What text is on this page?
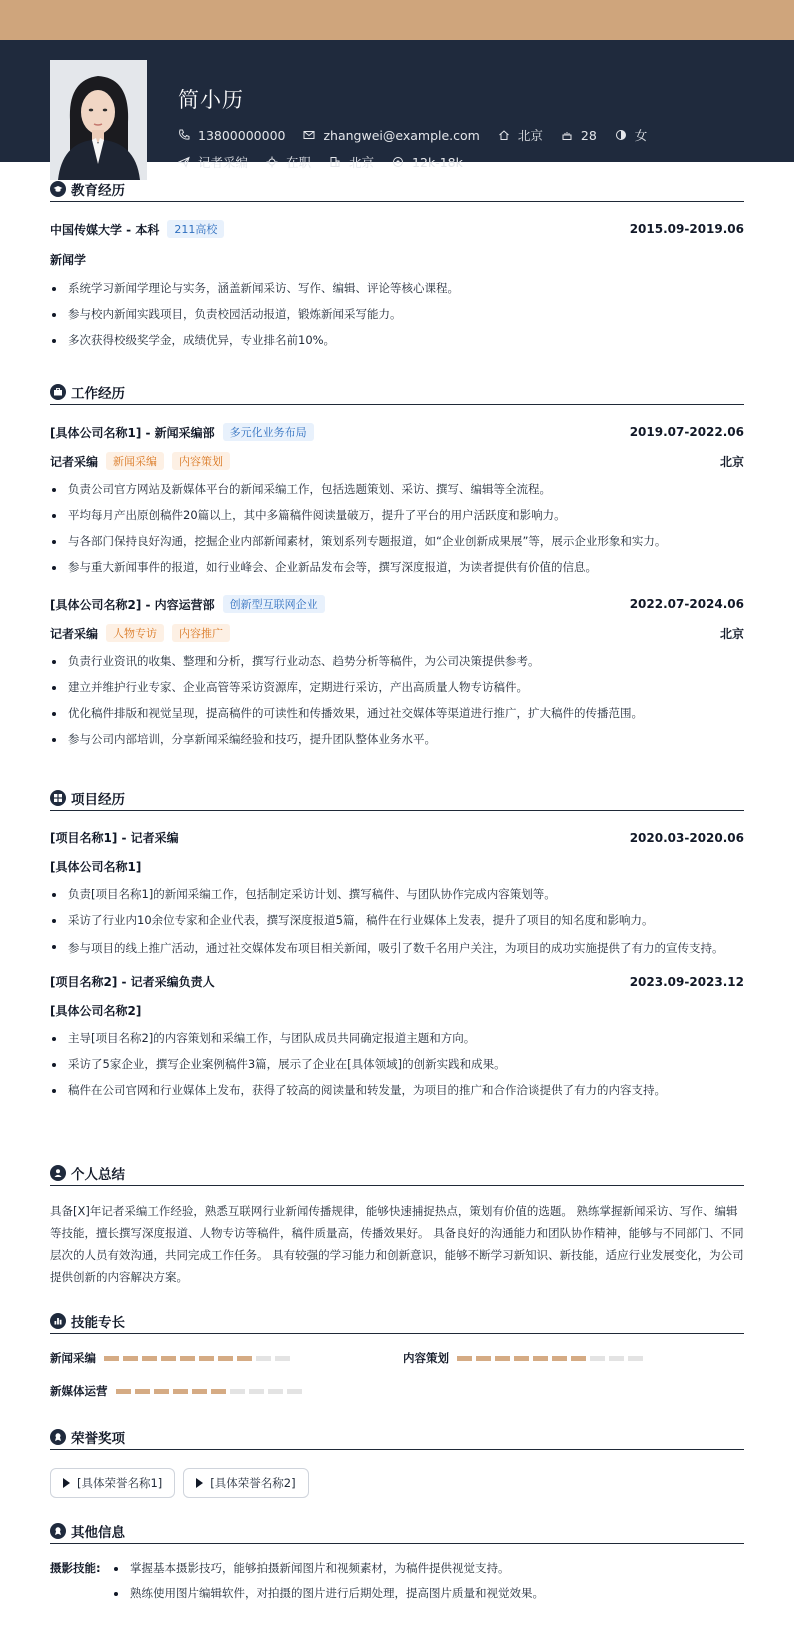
简小历
13800000000	zhangwei@example.com	北京	28	女
记者采编	在职	北京	12k-18k
教育经历
中国传媒大学 - 本科	211高校	2015.09-2019.06
新闻学
系统学习新闻学理论与实务，涵盖新闻采访、写作、编辑、评论等核心课程。
参与校内新闻实践项目，负责校园活动报道，锻炼新闻采写能力。
多次获得校级奖学金，成绩优异，专业排名前10%。
工作经历
[具体公司名称1] - 新闻采编部	多元化业务布局	2019.07-2022.06
记者采编	新闻采编	内容策划	北京
负责公司官方网站及新媒体平台的新闻采编工作，包括选题策划、采访、撰写、编辑等全流程。
平均每月产出原创稿件20篇以上，其中多篇稿件阅读量破万，提升了平台的用户活跃度和影响力。
与各部门保持良好沟通，挖掘企业内部新闻素材，策划系列专题报道，如“企业创新成果展”等，展示企业形象和实力。
参与重大新闻事件的报道，如行业峰会、企业新品发布会等，撰写深度报道，为读者提供有价值的信息。
[具体公司名称2] - 内容运营部	创新型互联网企业	2022.07-2024.06
记者采编	人物专访	内容推广	北京
负责行业资讯的收集、整理和分析，撰写行业动态、趋势分析等稿件，为公司决策提供参考。
建立并维护行业专家、企业高管等采访资源库，定期进行采访，产出高质量人物专访稿件。
优化稿件排版和视觉呈现，提高稿件的可读性和传播效果，通过社交媒体等渠道进行推广，扩大稿件的传播范围。
参与公司内部培训，分享新闻采编经验和技巧，提升团队整体业务水平。
项目经历
[项目名称1] - 记者采编	2020.03-2020.06
[具体公司名称1]
负责[项目名称1]的新闻采编工作，包括制定采访计划、撰写稿件、与团队协作完成内容策划等。
采访了行业内10余位专家和企业代表，撰写深度报道5篇，稿件在行业媒体上发表，提升了项目的知名度和影响力。
参与项目的线上推广活动，通过社交媒体发布项目相关新闻，吸引了数千名用户关注，为项目的成功实施提供了有力的宣传支持。
[项目名称2] - 记者采编负责人	2023.09-2023.12
[具体公司名称2]
主导[项目名称2]的内容策划和采编工作，与团队成员共同确定报道主题和方向。
采访了5家企业，撰写企业案例稿件3篇，展示了企业在[具体领域]的创新实践和成果。
稿件在公司官网和行业媒体上发布，获得了较高的阅读量和转发量，为项目的推广和合作洽谈提供了有力的内容支持。
个人总结

具备[X]年记者采编工作经验，熟悉互联网行业新闻传播规律，能够快速捕捉热点，策划有价值的选题。 熟练掌握新闻采访、写作、编辑等技能，擅长撰写深度报道、人物专访等稿件，稿件质量高，传播效果好。 具备良好的沟通能力和团队协作精神，能够与不同部门、不同层次的人员有效沟通，共同完成工作任务。 具有较强的学习能力和创新意识，能够不断学习新知识、新技能，适应行业发展变化，为公司提供创新的内容解决方案。

技能专长
新闻采编	内容策划
新媒体运营
荣誉奖项
[具体荣誉名称1]	[具体荣誉名称2]
其他信息
摄影技能:	掌握基本摄影技巧，能够拍摄新闻图片和视频素材，为稿件提供视觉支持。
熟练使用图片编辑软件，对拍摄的图片进行后期处理，提高图片质量和视觉效果。
